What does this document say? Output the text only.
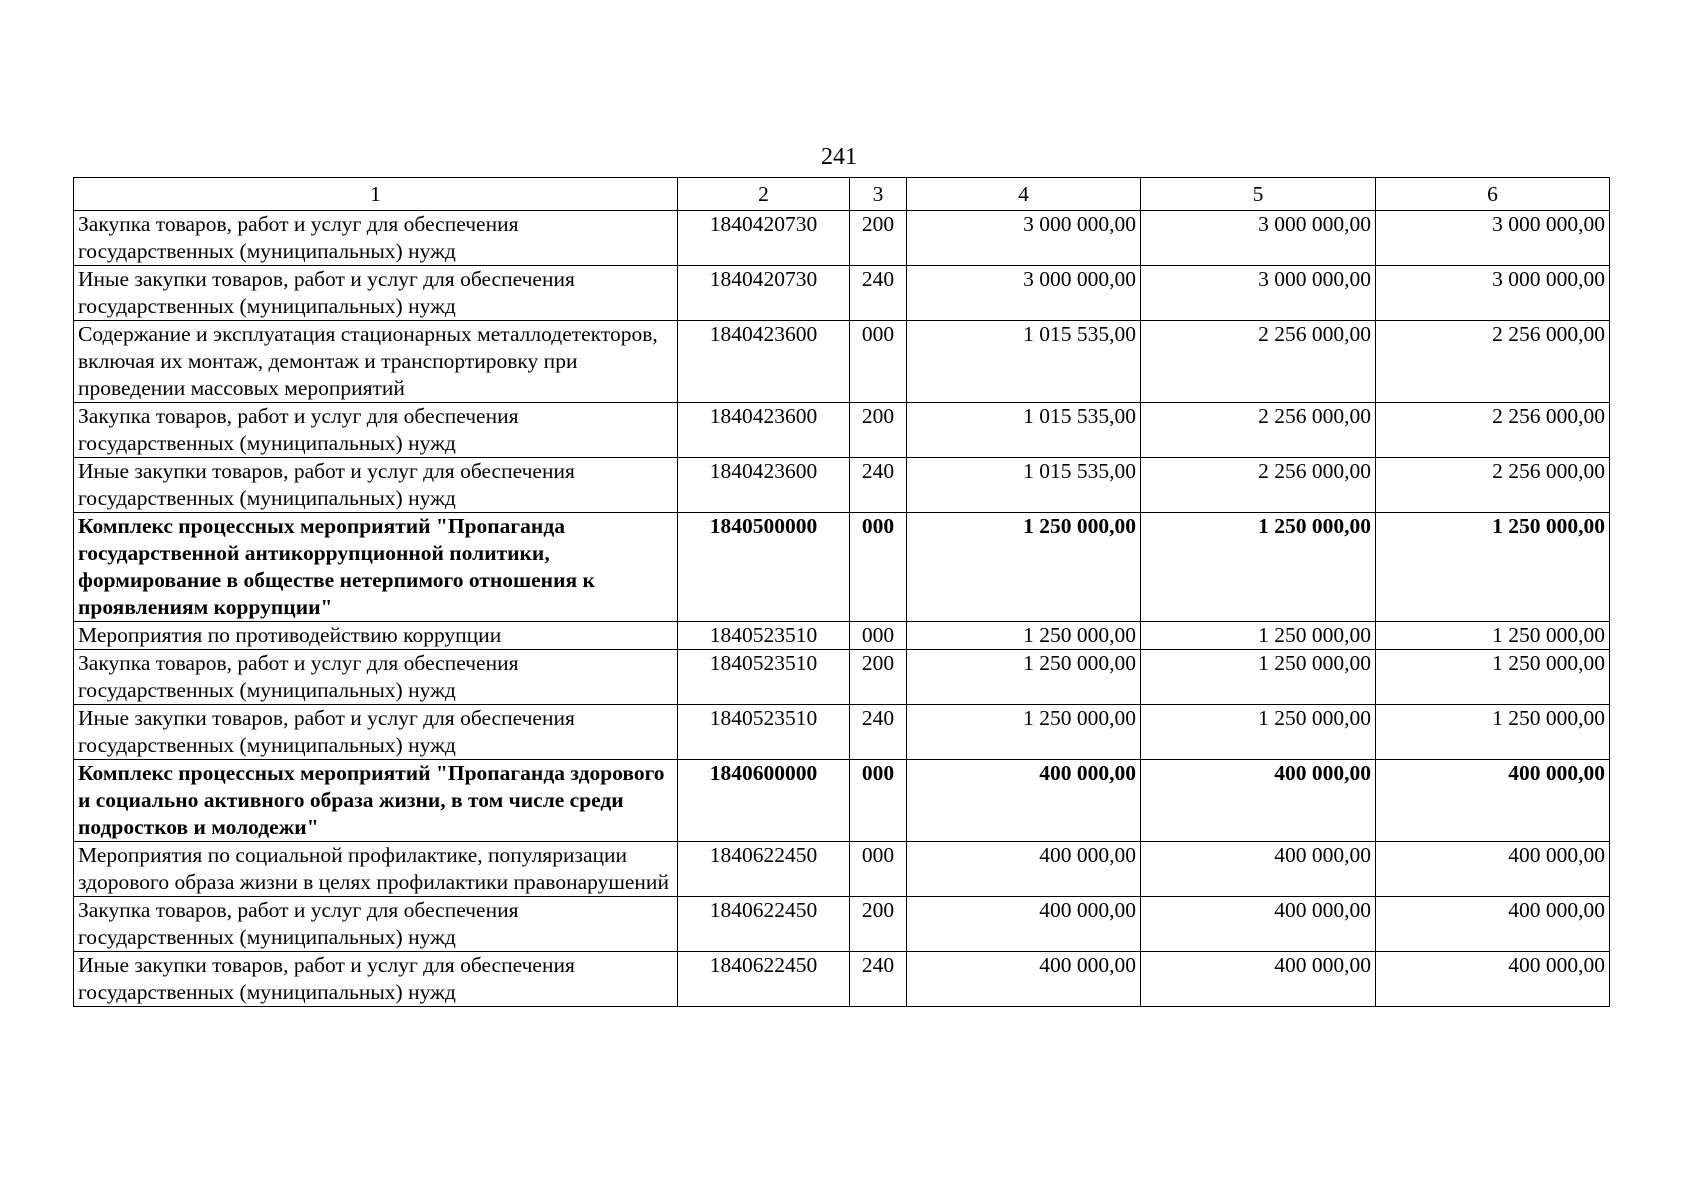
241
1	2	3	4	5	6
Закупка товаров, работ и услуг для обеспечения государственных (муниципальных) нужд	1840420730	200	3 000 000,00	3 000 000,00	3 000 000,00
Иные закупки товаров, работ и услуг для обеспечения государственных (муниципальных) нужд	1840420730	240	3 000 000,00	3 000 000,00	3 000 000,00
Содержание и эксплуатация стационарных металлодетекторов, включая их монтаж, демонтаж и транспортировку при проведении массовых мероприятий	1840423600	000	1 015 535,00	2 256 000,00	2 256 000,00
Закупка товаров, работ и услуг для обеспечения государственных (муниципальных) нужд	1840423600	200	1 015 535,00	2 256 000,00	2 256 000,00
Иные закупки товаров, работ и услуг для обеспечения государственных (муниципальных) нужд	1840423600	240	1 015 535,00	2 256 000,00	2 256 000,00
Комплекс процессных мероприятий "Пропаганда государственной антикоррупционной политики, формирование в обществе нетерпимого отношения к проявлениям коррупции"	1840500000	000	1 250 000,00	1 250 000,00	1 250 000,00
Мероприятия по противодействию коррупции	1840523510	000	1 250 000,00	1 250 000,00	1 250 000,00
Закупка товаров, работ и услуг для обеспечения государственных (муниципальных) нужд	1840523510	200	1 250 000,00	1 250 000,00	1 250 000,00
Иные закупки товаров, работ и услуг для обеспечения государственных (муниципальных) нужд	1840523510	240	1 250 000,00	1 250 000,00	1 250 000,00
Комплекс процессных мероприятий "Пропаганда здорового и социально активного образа жизни, в том числе среди подростков и молодежи"	1840600000	000	400 000,00	400 000,00	400 000,00
Мероприятия по социальной профилактике, популяризации здорового образа жизни в целях профилактики правонарушений	1840622450	000	400 000,00	400 000,00	400 000,00
Закупка товаров, работ и услуг для обеспечения государственных (муниципальных) нужд	1840622450	200	400 000,00	400 000,00	400 000,00
Иные закупки товаров, работ и услуг для обеспечения государственных (муниципальных) нужд	1840622450	240	400 000,00	400 000,00	400 000,00
